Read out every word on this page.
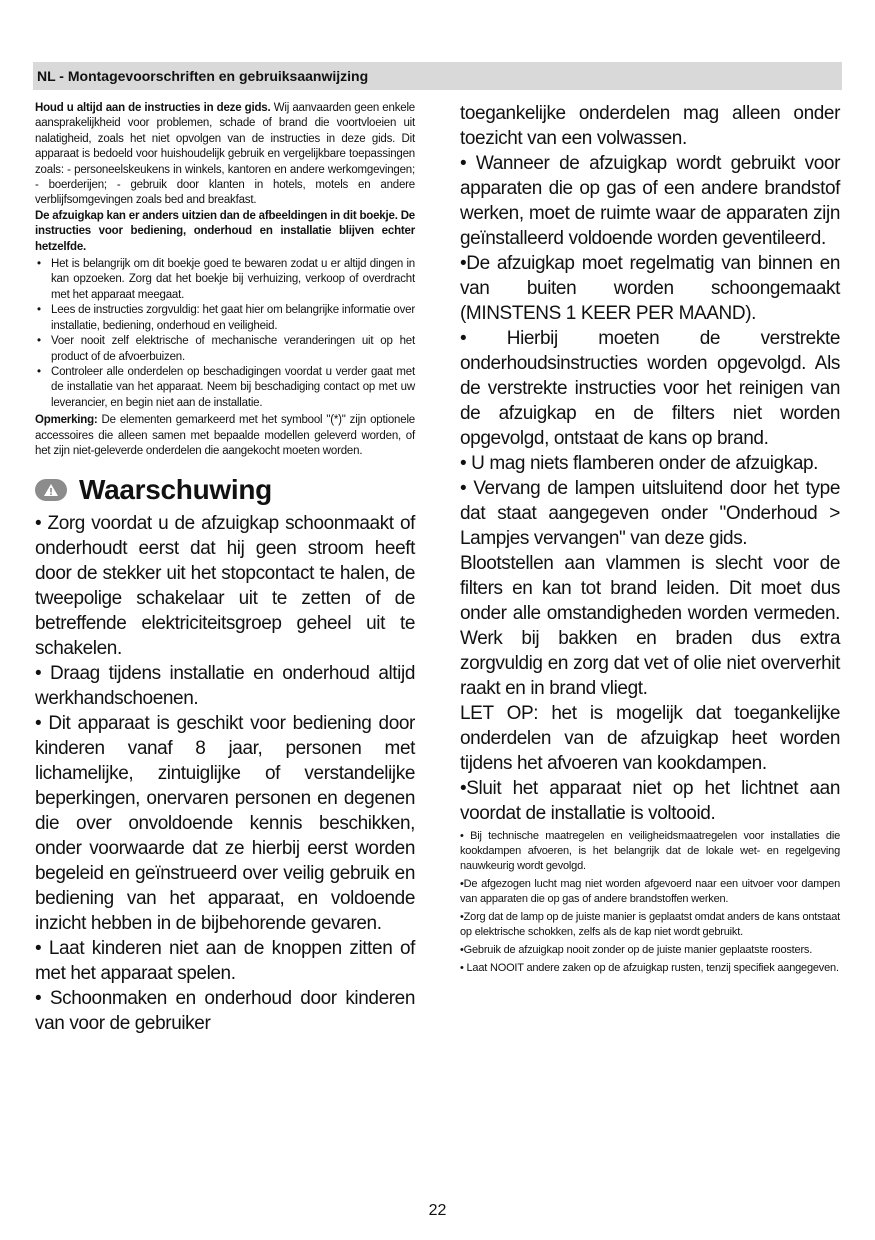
NL - Montagevoorschriften en gebruiksaanwijzing

Houd u altijd aan de instructies in deze gids. Wij aanvaarden geen enkele aansprakelijkheid voor problemen, schade of brand die voortvloeien uit nalatigheid, zoals het niet opvolgen van de instructies in deze gids. Dit apparaat is bedoeld voor huishoudelijk gebruik en vergelijkbare toepassingen zoals: - personeelskeukens in winkels, kantoren en andere werkomgevingen; - boerderijen; - gebruik door klanten in hotels, motels en andere verblijfsomgevingen zoals bed and breakfast.

De afzuigkap kan er anders uitzien dan de afbeeldingen in dit boekje. De instructies voor bediening, onderhoud en installatie blijven echter hetzelfde.

• Het is belangrijk om dit boekje goed te bewaren zodat u er altijd dingen in kan opzoeken. Zorg dat het boekje bij verhuizing, verkoop of overdracht met het apparaat meegaat.
• Lees de instructies zorgvuldig: het gaat hier om belangrijke informatie over installatie, bediening, onderhoud en veiligheid.
• Voer nooit zelf elektrische of mechanische veranderingen uit op het product of de afvoerbuizen.
• Controleer alle onderdelen op beschadigingen voordat u verder gaat met de installatie van het apparaat. Neem bij beschadiging contact op met uw leverancier, en begin niet aan de installatie.

Opmerking: De elementen gemarkeerd met het symbool "(*)" zijn optionele accessoires die alleen samen met bepaalde modellen geleverd worden, of het zijn niet-geleverde onderdelen die aangekocht moeten worden.

Waarschuwing

• Zorg voordat u de afzuigkap schoonmaakt of onderhoudt eerst dat hij geen stroom heeft door de stekker uit het stopcontact te halen, de tweepolige schakelaar uit te zetten of de betreffende elektriciteitsgroep geheel uit te schakelen.

• Draag tijdens installatie en onderhoud altijd werkhandschoenen.

• Dit apparaat is geschikt voor bediening door kinderen vanaf 8 jaar, personen met lichamelijke, zintuiglijke of verstandelijke beperkingen, onervaren personen en degenen die over onvoldoende kennis beschikken, onder voorwaarde dat ze hierbij eerst worden begeleid en geïnstrueerd over veilig gebruik en bediening van het apparaat, en voldoende inzicht hebben in de bijbehorende gevaren.

• Laat kinderen niet aan de knoppen zitten of met het apparaat spelen.

• Schoonmaken en onderhoud door kinderen van voor de gebruiker

toegankelijke onderdelen mag alleen onder toezicht van een volwassen.

• Wanneer de afzuigkap wordt gebruikt voor apparaten die op gas of een andere brandstof werken, moet de ruimte waar de apparaten zijn geïnstalleerd voldoende worden geventileerd.

•De afzuigkap moet regelmatig van binnen en van buiten worden schoongemaakt (MINSTENS 1 KEER PER MAAND).

• Hierbij moeten de verstrekte onderhoudsinstructies worden opgevolgd. Als de verstrekte instructies voor het reinigen van de afzuigkap en de filters niet worden opgevolgd, ontstaat de kans op brand.

• U mag niets flamberen onder de afzuigkap.

• Vervang de lampen uitsluitend door het type dat staat aangegeven onder "Onderhoud > Lampjes vervangen" van deze gids.

Blootstellen aan vlammen is slecht voor de filters en kan tot brand leiden. Dit moet dus onder alle omstandigheden worden vermeden. Werk bij bakken en braden dus extra zorgvuldig en zorg dat vet of olie niet oververhit raakt en in brand vliegt.

LET OP: het is mogelijk dat toegankelijke onderdelen van de afzuigkap heet worden tijdens het afvoeren van kookdampen.

•Sluit het apparaat niet op het lichtnet aan voordat de installatie is voltooid.

• Bij technische maatregelen en veiligheidsmaatregelen voor installaties die kookdampen afvoeren, is het belangrijk dat de lokale wet- en regelgeving nauwkeurig wordt gevolgd.

•De afgezogen lucht mag niet worden afgevoerd naar een uitvoer voor dampen van apparaten die op gas of andere brandstoffen werken.

•Zorg dat de lamp op de juiste manier is geplaatst omdat anders de kans ontstaat op elektrische schokken, zelfs als de kap niet wordt gebruikt.

•Gebruik de afzuigkap nooit zonder op de juiste manier geplaatste roosters.

• Laat NOOIT andere zaken op de afzuigkap rusten, tenzij specifiek aangegeven.

22
